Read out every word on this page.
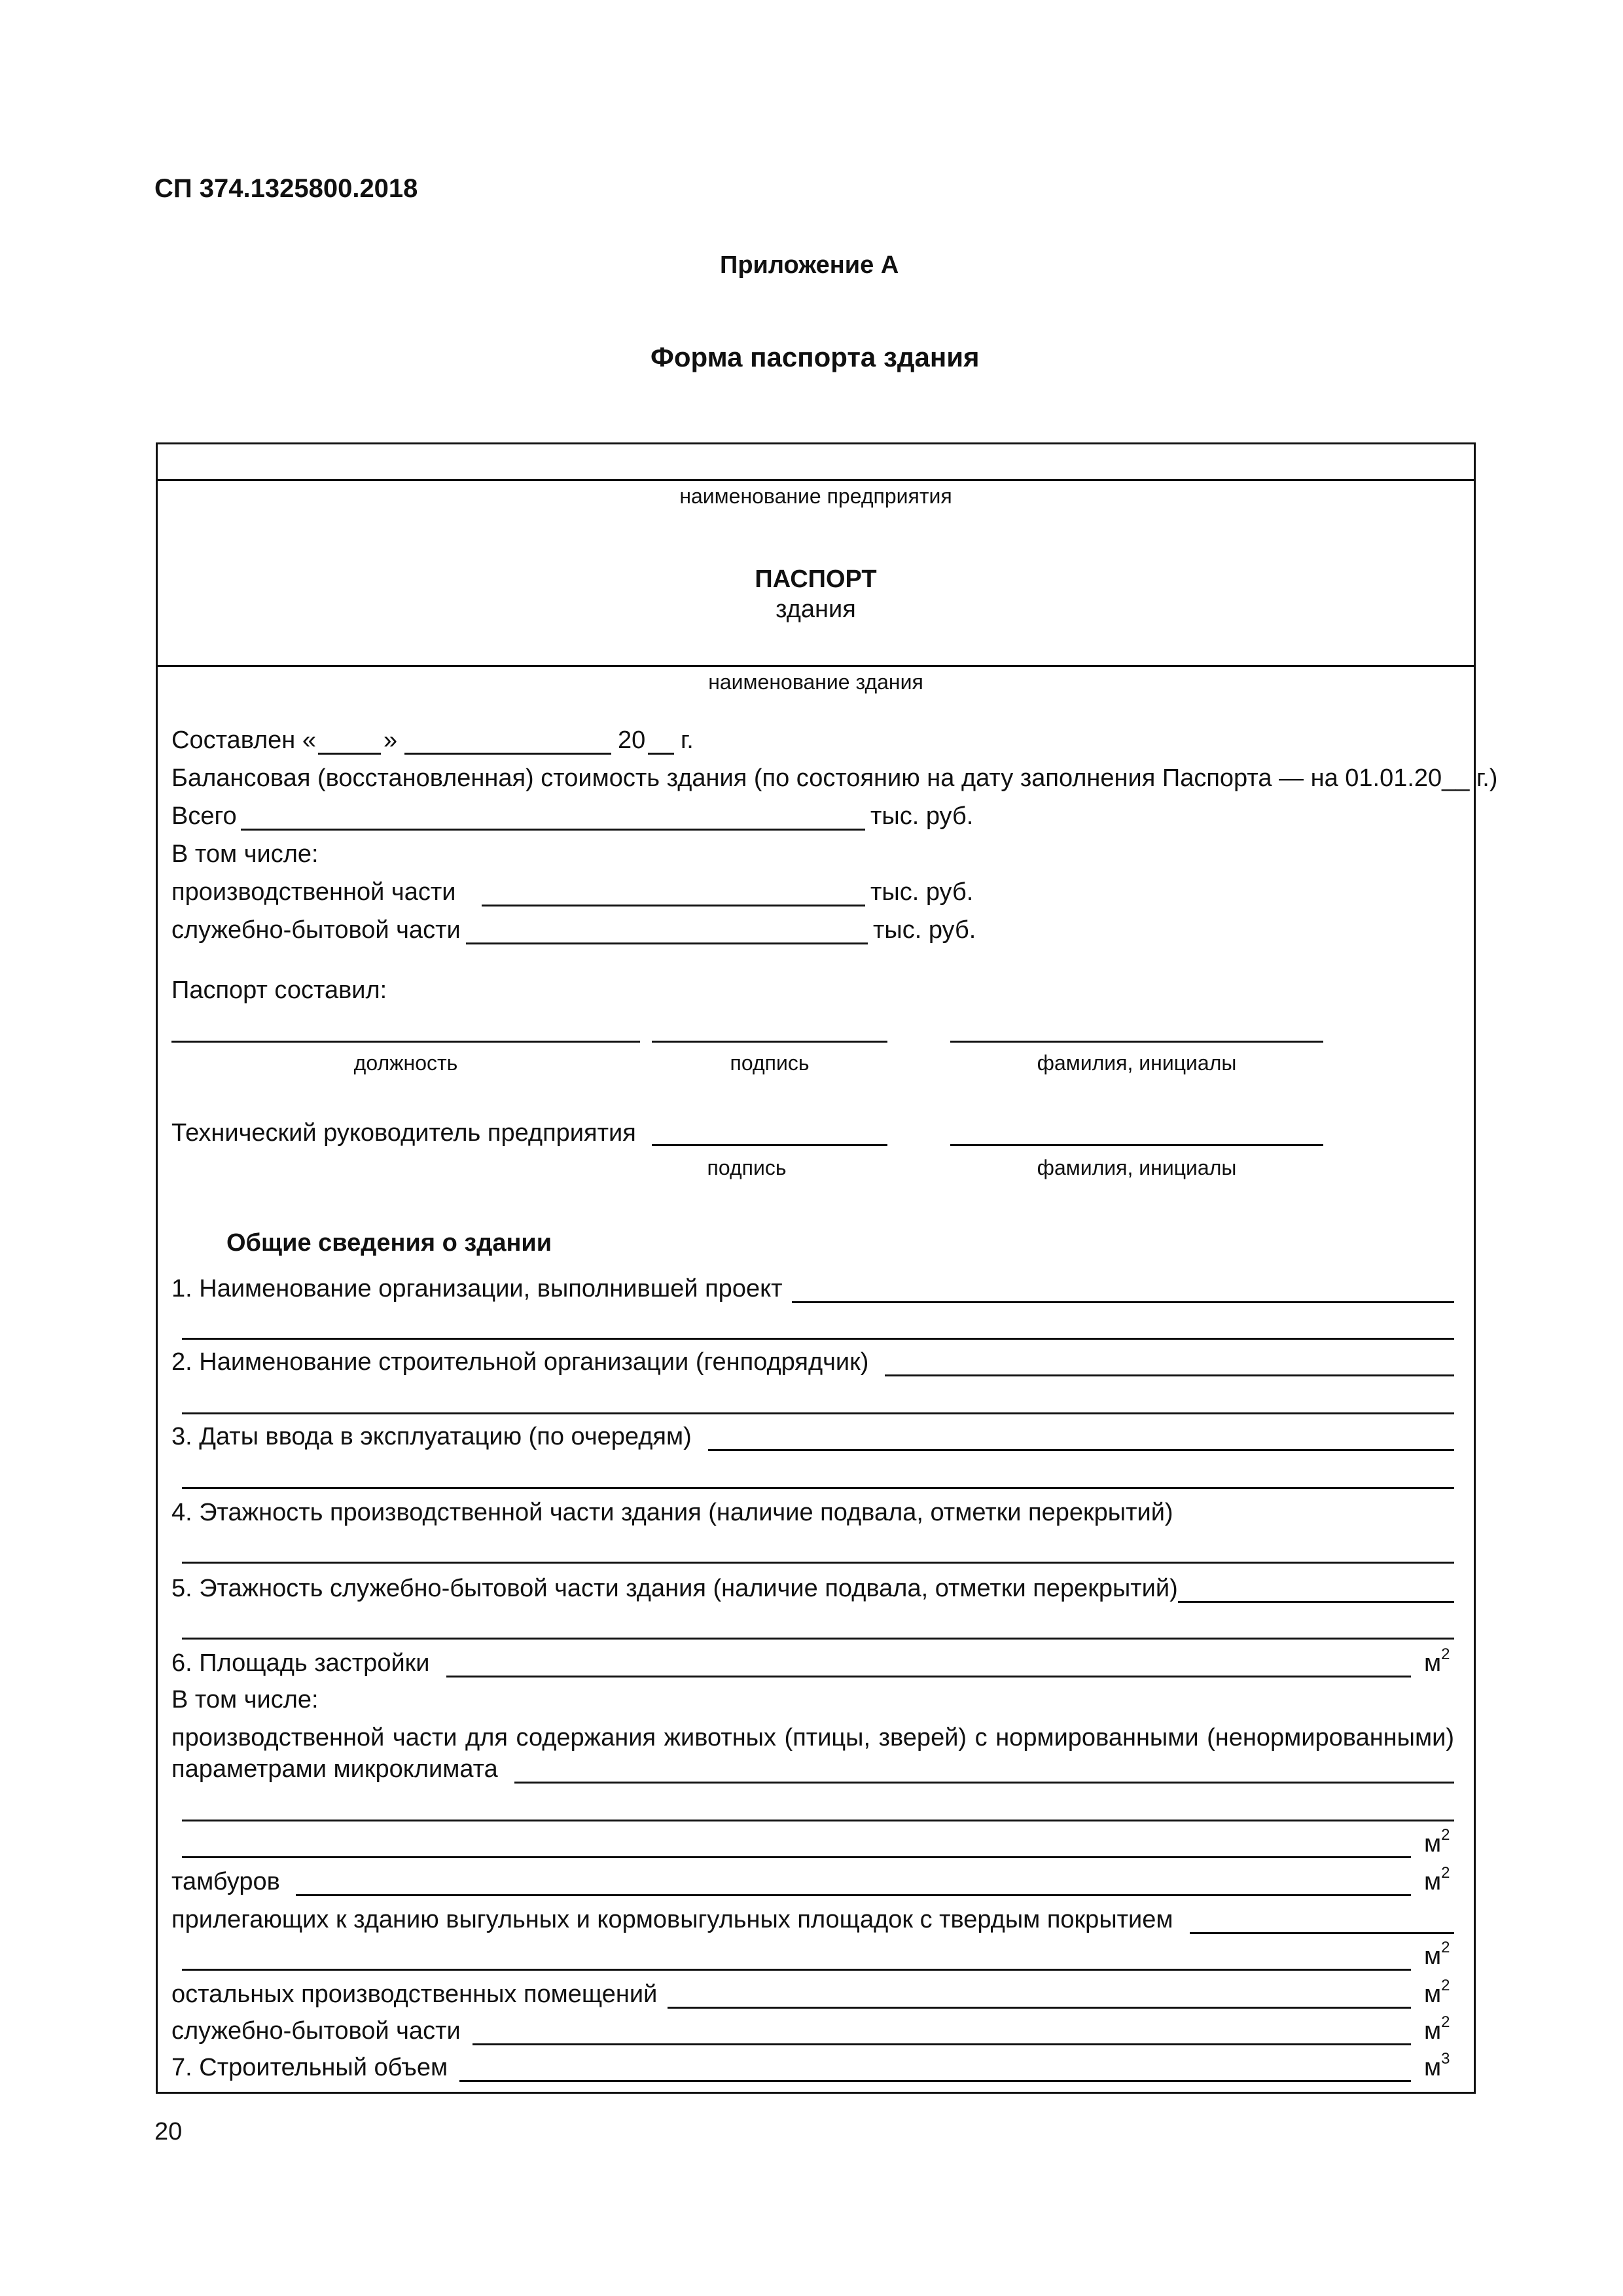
СП 374.1325800.2018
Приложение А
Форма паспорта здания
наименование предприятия
ПАСПОРТ
здания
наименование здания
Составлен «	»	20 г.
Балансовая (восстановленная) стоимость здания (по состоянию на дату заполнения Паспорта — на 01.01.20__ г.)
Всего	тыс. руб.
В том числе:
производственной части	тыс. руб.
служебно-бытовой части	тыс. руб.
Паспорт составил:
должность	подпись	фамилия, инициалы
Технический руководитель предприятия
подпись	фамилия, инициалы
Общие сведения о здании
1. Наименование организации, выполнившей проект
2. Наименование строительной организации (генподрядчик)
3. Даты ввода в эксплуатацию (по очередям)
4. Этажность производственной части здания (наличие подвала, отметки перекрытий)
5. Этажность служебно-бытовой части здания (наличие подвала, отметки перекрытий)
6. Площадь застройки	$м^2$
В том числе:
производственной части для содержания животных (птицы, зверей) с нормированными (ненормированными)
параметрами микроклимата
$м^2$
тамбуров	$м^2$
прилегающих к зданию выгульных и кормовыгульных площадок с твердым покрытием
$м^2$
остальных производственных помещений	$м^2$
служебно-бытовой части	$м^2$
7. Строительный объем	$м^3$
20
